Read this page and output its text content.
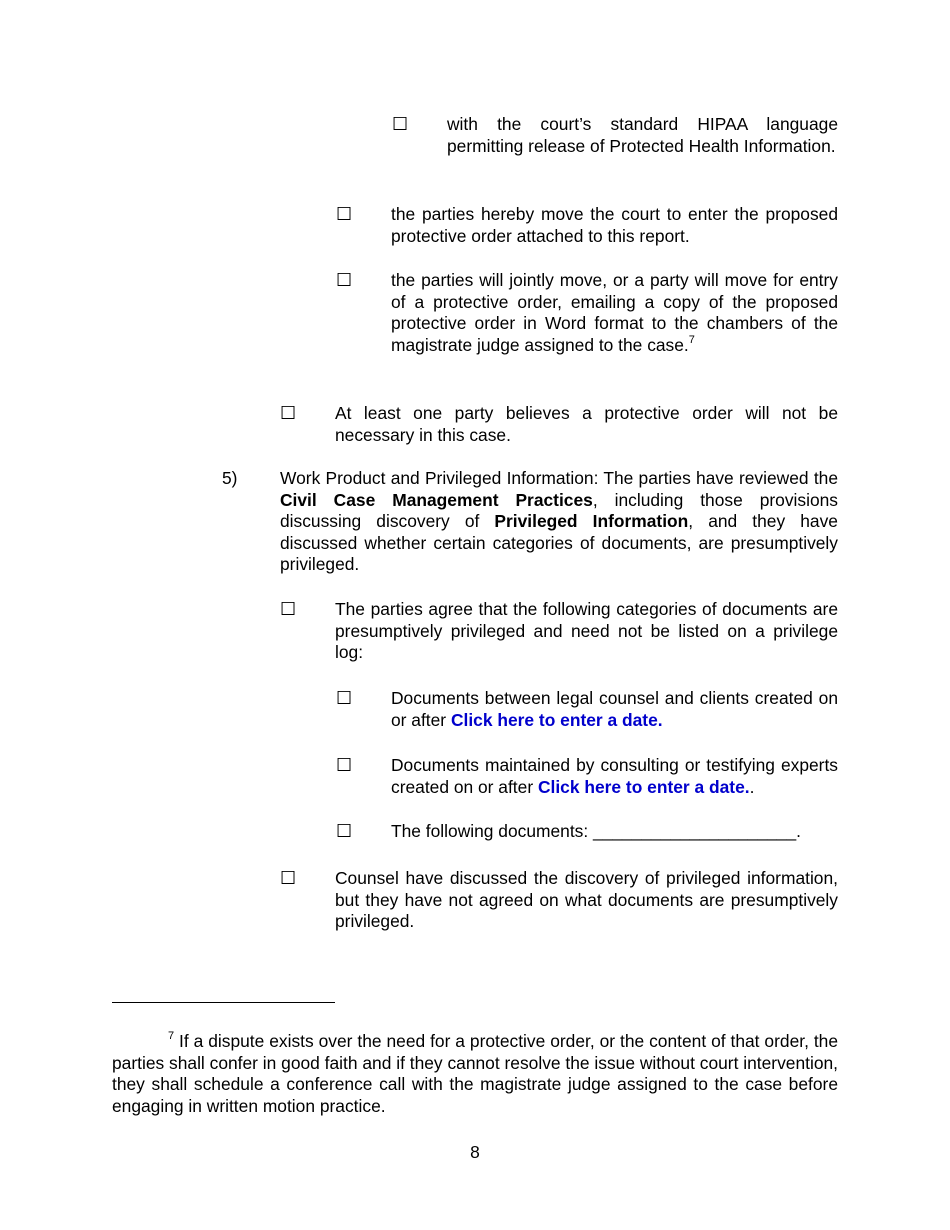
☐ with the court’s standard HIPAA language permitting release of Protected Health Information.
☐ the parties hereby move the court to enter the proposed protective order attached to this report.
☐ the parties will jointly move, or a party will move for entry of a protective order, emailing a copy of the proposed protective order in Word format to the chambers of the magistrate judge assigned to the case.$^7$
☐ At least one party believes a protective order will not be necessary in this case.
5) Work Product and Privileged Information: The parties have reviewed the Civil Case Management Practices, including those provisions discussing discovery of Privileged Information, and they have discussed whether certain categories of documents, are presumptively privileged.
☐ The parties agree that the following categories of documents are presumptively privileged and need not be listed on a privilege log:
☐ Documents between legal counsel and clients created on or after Click here to enter a date.
☐ Documents maintained by consulting or testifying experts created on or after Click here to enter a date..
☐ The following documents: _____________________.
☐ Counsel have discussed the discovery of privileged information, but they have not agreed on what documents are presumptively privileged.
$^7$ If a dispute exists over the need for a protective order, or the content of that order, the parties shall confer in good faith and if they cannot resolve the issue without court intervention, they shall schedule a conference call with the magistrate judge assigned to the case before engaging in written motion practice.
8
